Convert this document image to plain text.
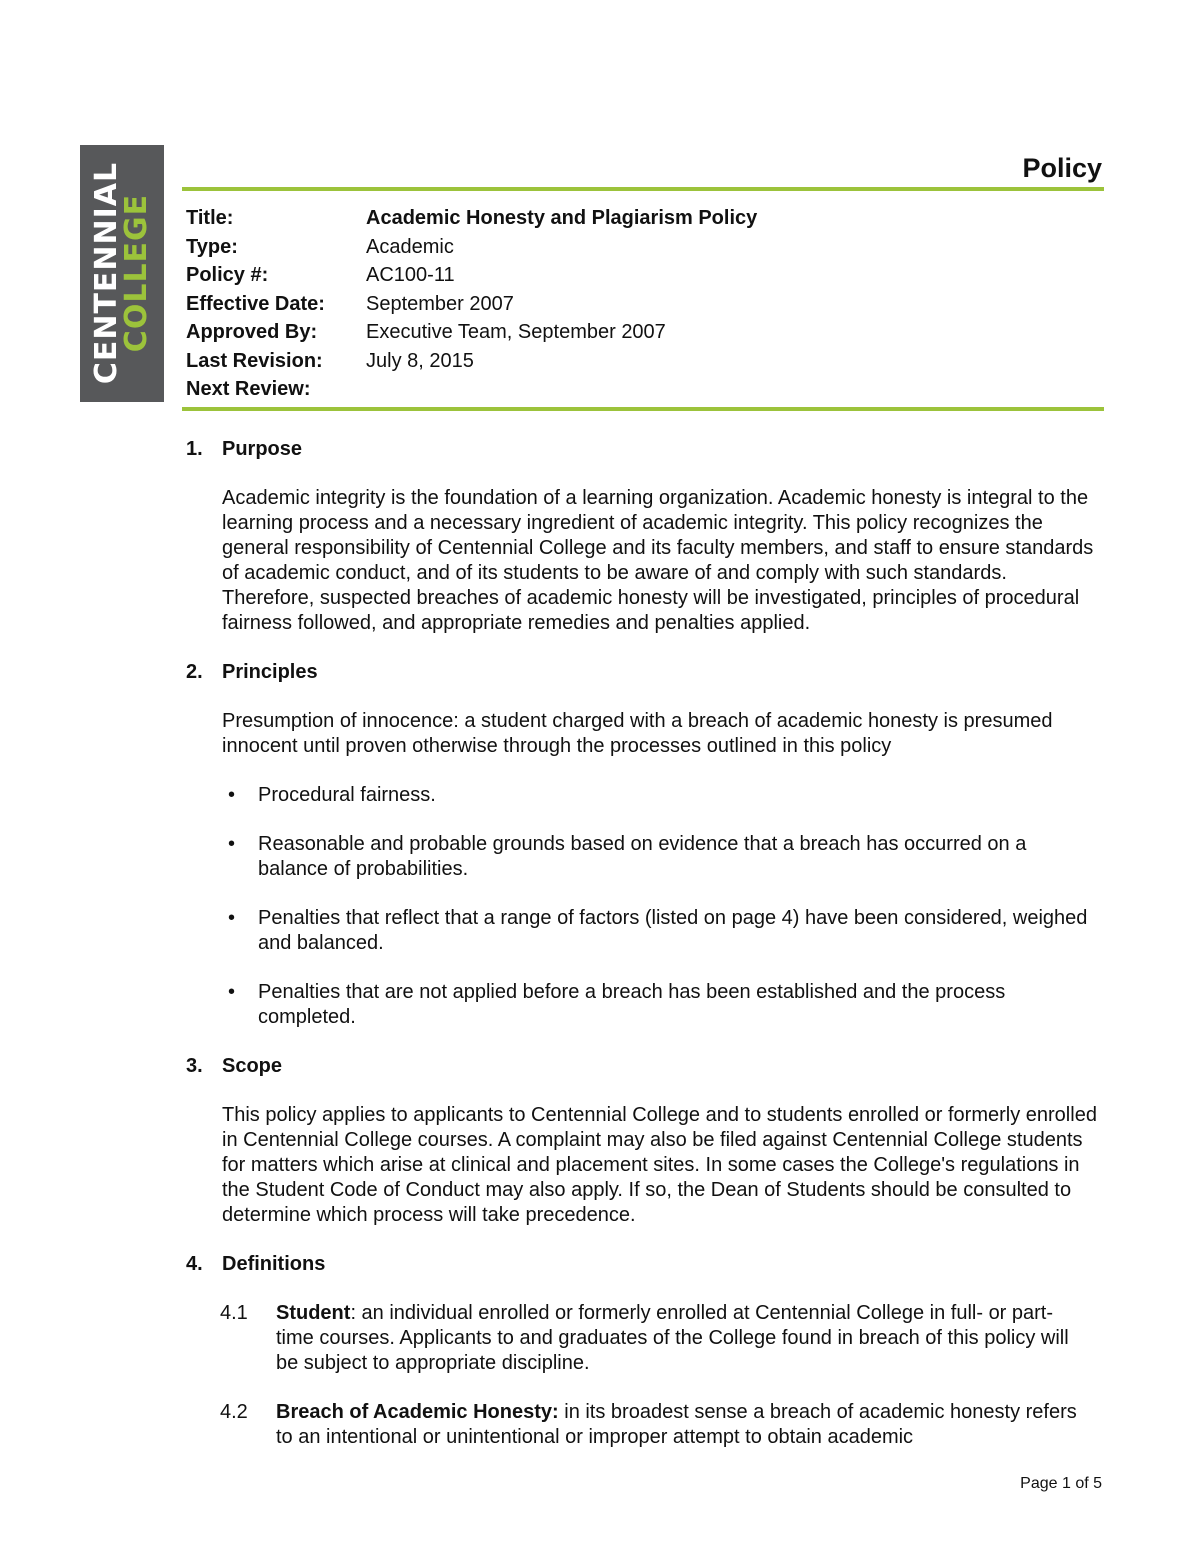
CENTENNIAL
COLLEGE
Policy
Title:	Academic Honesty and Plagiarism Policy
Type:	Academic
Policy #:	AC100-11
Effective Date: September 2007
Approved By: Executive Team, September 2007
Last Revision: July 8, 2015
Next Review:
1. Purpose
Academic integrity is the foundation of a learning organization. Academic honesty is integral to the learning process and a necessary ingredient of academic integrity. This policy recognizes the general responsibility of Centennial College and its faculty members, and staff to ensure standards of academic conduct, and of its students to be aware of and comply with such standards. Therefore, suspected breaches of academic honesty will be investigated, principles of procedural fairness followed, and appropriate remedies and penalties applied.
2. Principles
Presumption of innocence: a student charged with a breach of academic honesty is presumed innocent until proven otherwise through the processes outlined in this policy
• Procedural fairness.
• Reasonable and probable grounds based on evidence that a breach has occurred on a balance of probabilities.
• Penalties that reflect that a range of factors (listed on page 4) have been considered, weighed and balanced.
• Penalties that are not applied before a breach has been established and the process completed.
3. Scope
This policy applies to applicants to Centennial College and to students enrolled or formerly enrolled in Centennial College courses. A complaint may also be filed against Centennial College students for matters which arise at clinical and placement sites. In some cases the College's regulations in the Student Code of Conduct may also apply. If so, the Dean of Students should be consulted to determine which process will take precedence.
4. Definitions
4.1 Student: an individual enrolled or formerly enrolled at Centennial College in full- or part-time courses. Applicants to and graduates of the College found in breach of this policy will be subject to appropriate discipline.
4.2 Breach of Academic Honesty: in its broadest sense a breach of academic honesty refers to an intentional or unintentional or improper attempt to obtain academic
Page 1 of 5
